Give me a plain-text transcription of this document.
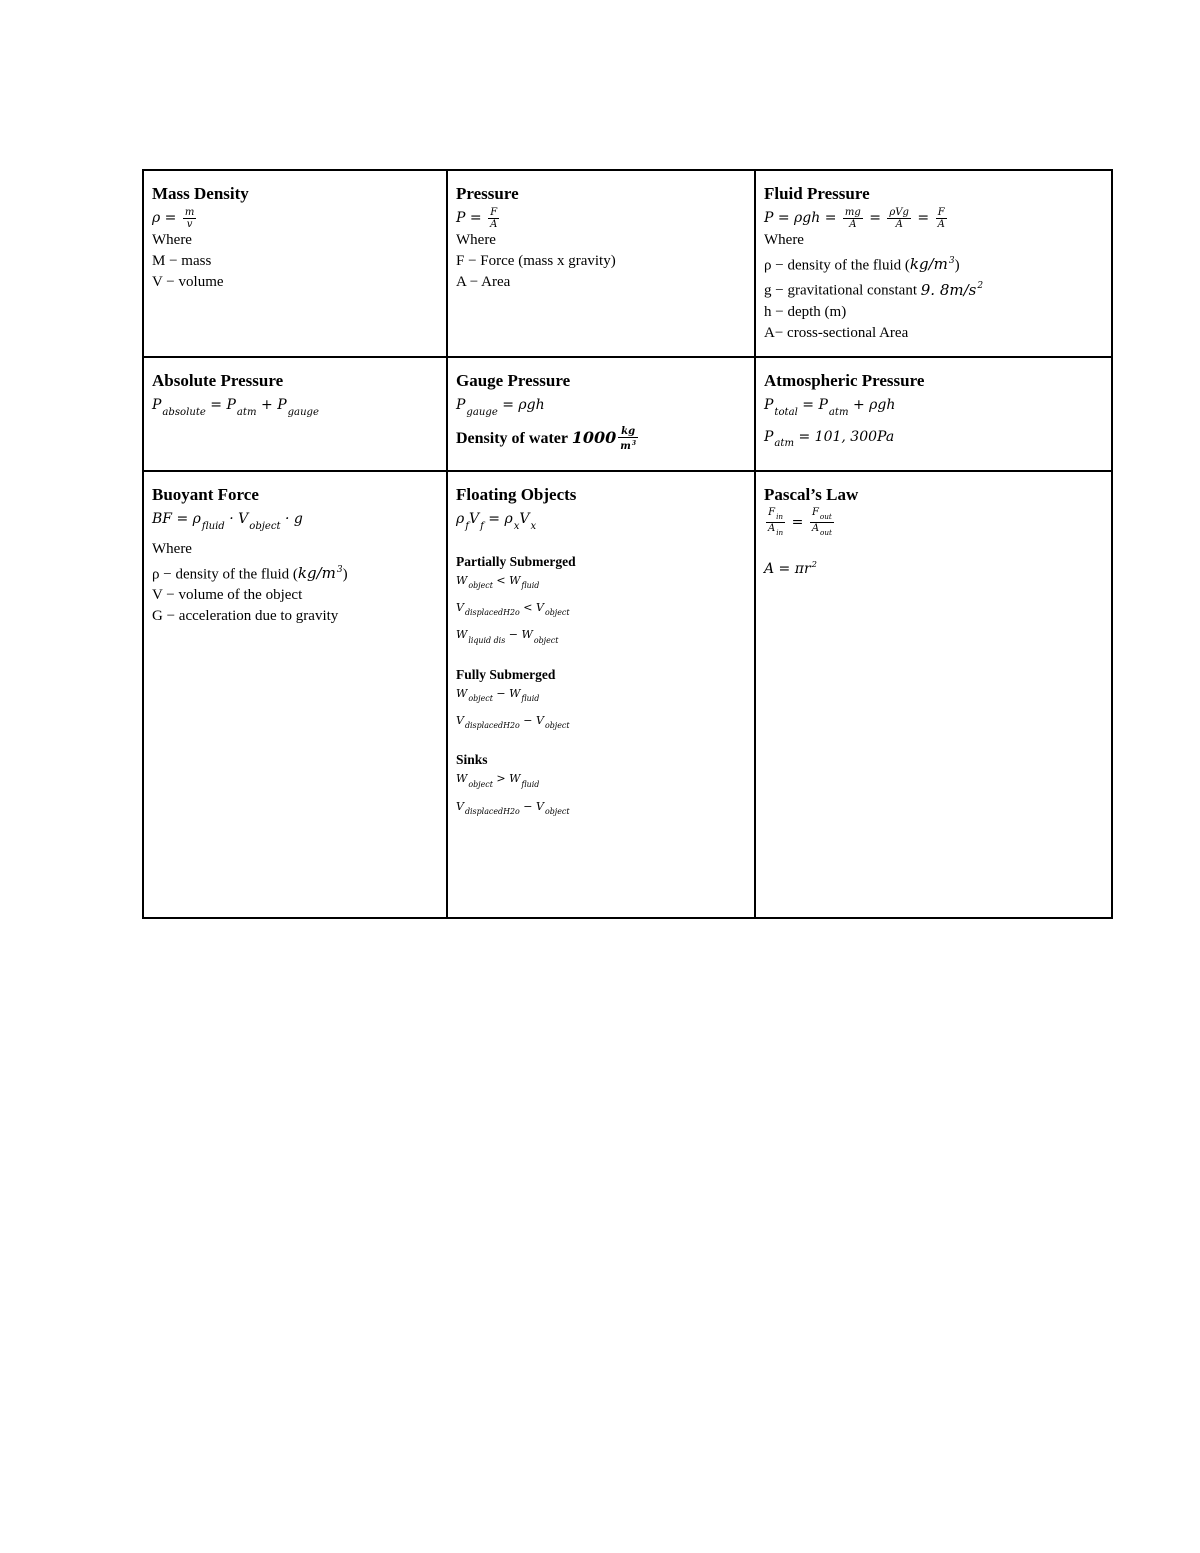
Mass Density
$\rho = \frac{m}{v}$
Where
M − mass
V − volume
Pressure
$P = \frac{F}{A}$
Where
F − Force (mass x gravity)
A − Area
Fluid Pressure
$P = \rho gh = \frac{mg}{A} = \frac{\text{ρVg}}{A} = \frac{F}{A}$
Where
ρ − density of the fluid $(kg/m^3)$
g − gravitational constant 9. $8m/s^2$
h − depth (m)
A− cross-sectional Area
Absolute Pressure
$P_{absolute} = P_{atm} + P_{gauge}$
Gauge Pressure
$P_{gauge} = \rho gh$
Density of water $1000 \frac{kg}{m^3}$
Atmospheric Pressure
$P_{total} = P_{atm} + \rho gh$
$P_{atm} = 101$, 300Pa
Buoyant Force
BF = $\rho_{fluid} \cdot V_{object} \cdot g$
Where
ρ − density of the fluid $(kg/m^3)$
V − volume of the object
G − acceleration due to gravity
Floating Objects
$\rho_fV_f = \rho_xV_x$
Partially Submerged
$W_{object} < W_{fluid}$
$V_{displacedH2o} < V_{object}$
$W_{liquid dis} - W_{object}$
Fully Submerged
$W_{object} - W_{fluid}$
$V_{displacedH2o} - V_{object}$
Sinks
$W_{object} > W_{fluid}$
$V_{displacedH2o} - V_{object}$
Pascal’s Law
$\frac{F_{in}}{A_{in}} = \frac{F_{out}}{A_{out}}$
$A = \pi r^2$
